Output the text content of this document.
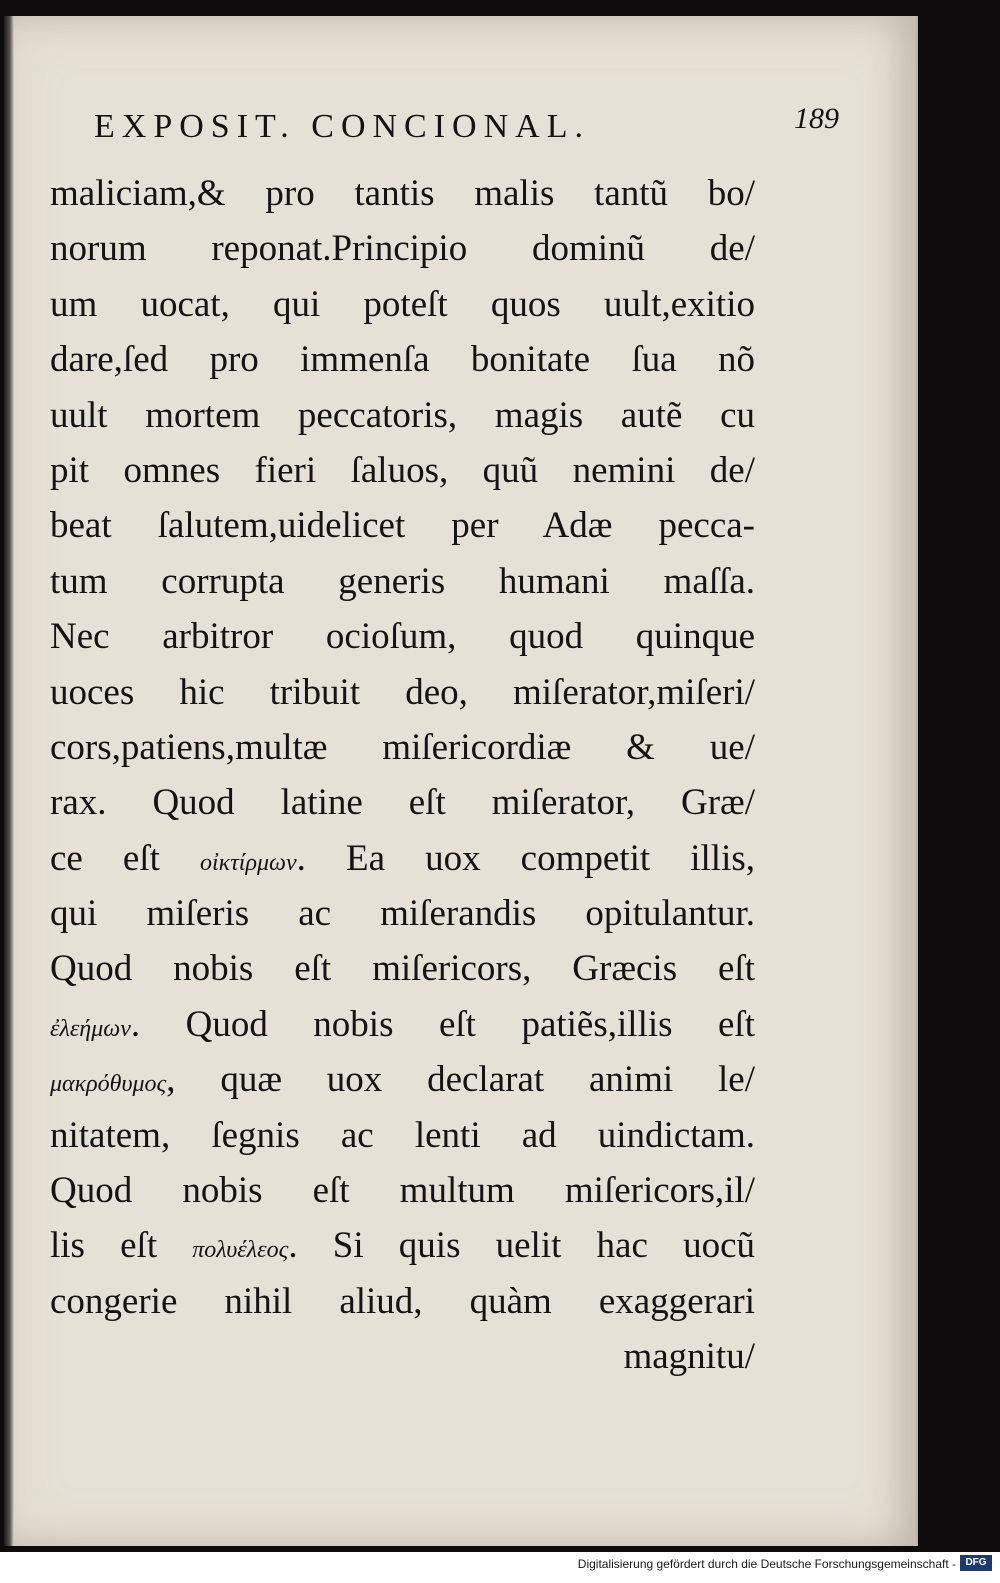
EXPOSIT. CONCIONAL.	189
maliciam,& pro tantis malis tantũ bo/
norum reponat.Principio dominũ de/
um uocat, qui poteſt quos uult,exitio
dare,ſed pro immenſa bonitate ſua nõ
uult mortem peccatoris, magis autẽ cu
pit omnes fieri ſaluos, quũ nemini de/
beat ſalutem,uidelicet per Adæ pecca-
tum corrupta generis humani maſſa.
Nec arbitror ocioſum, quod quinque
uoces hic tribuit deo, miſerator,miſeri/
cors,patiens,multæ miſericordiæ & ue/
rax. Quod latine eſt miſerator, Græ/
ce eſt οἰκτίρμων. Ea uox competit illis,
qui miſeris ac miſerandis opitulantur.
Quod nobis eſt miſericors, Græcis eſt
ἐλεήμων. Quod nobis eſt patiẽs,illis eſt
μακρόθυμος, quæ uox declarat animi le/
nitatem, ſegnis ac lenti ad uindictam.
Quod nobis eſt multum miſericors,il/
lis eſt πολυέλεος. Si quis uelit hac uocũ
congerie nihil aliud, quàm exaggerari
magnitu/
Digitalisierung gefördert durch die Deutsche Forschungsgemeinschaft - DFG
